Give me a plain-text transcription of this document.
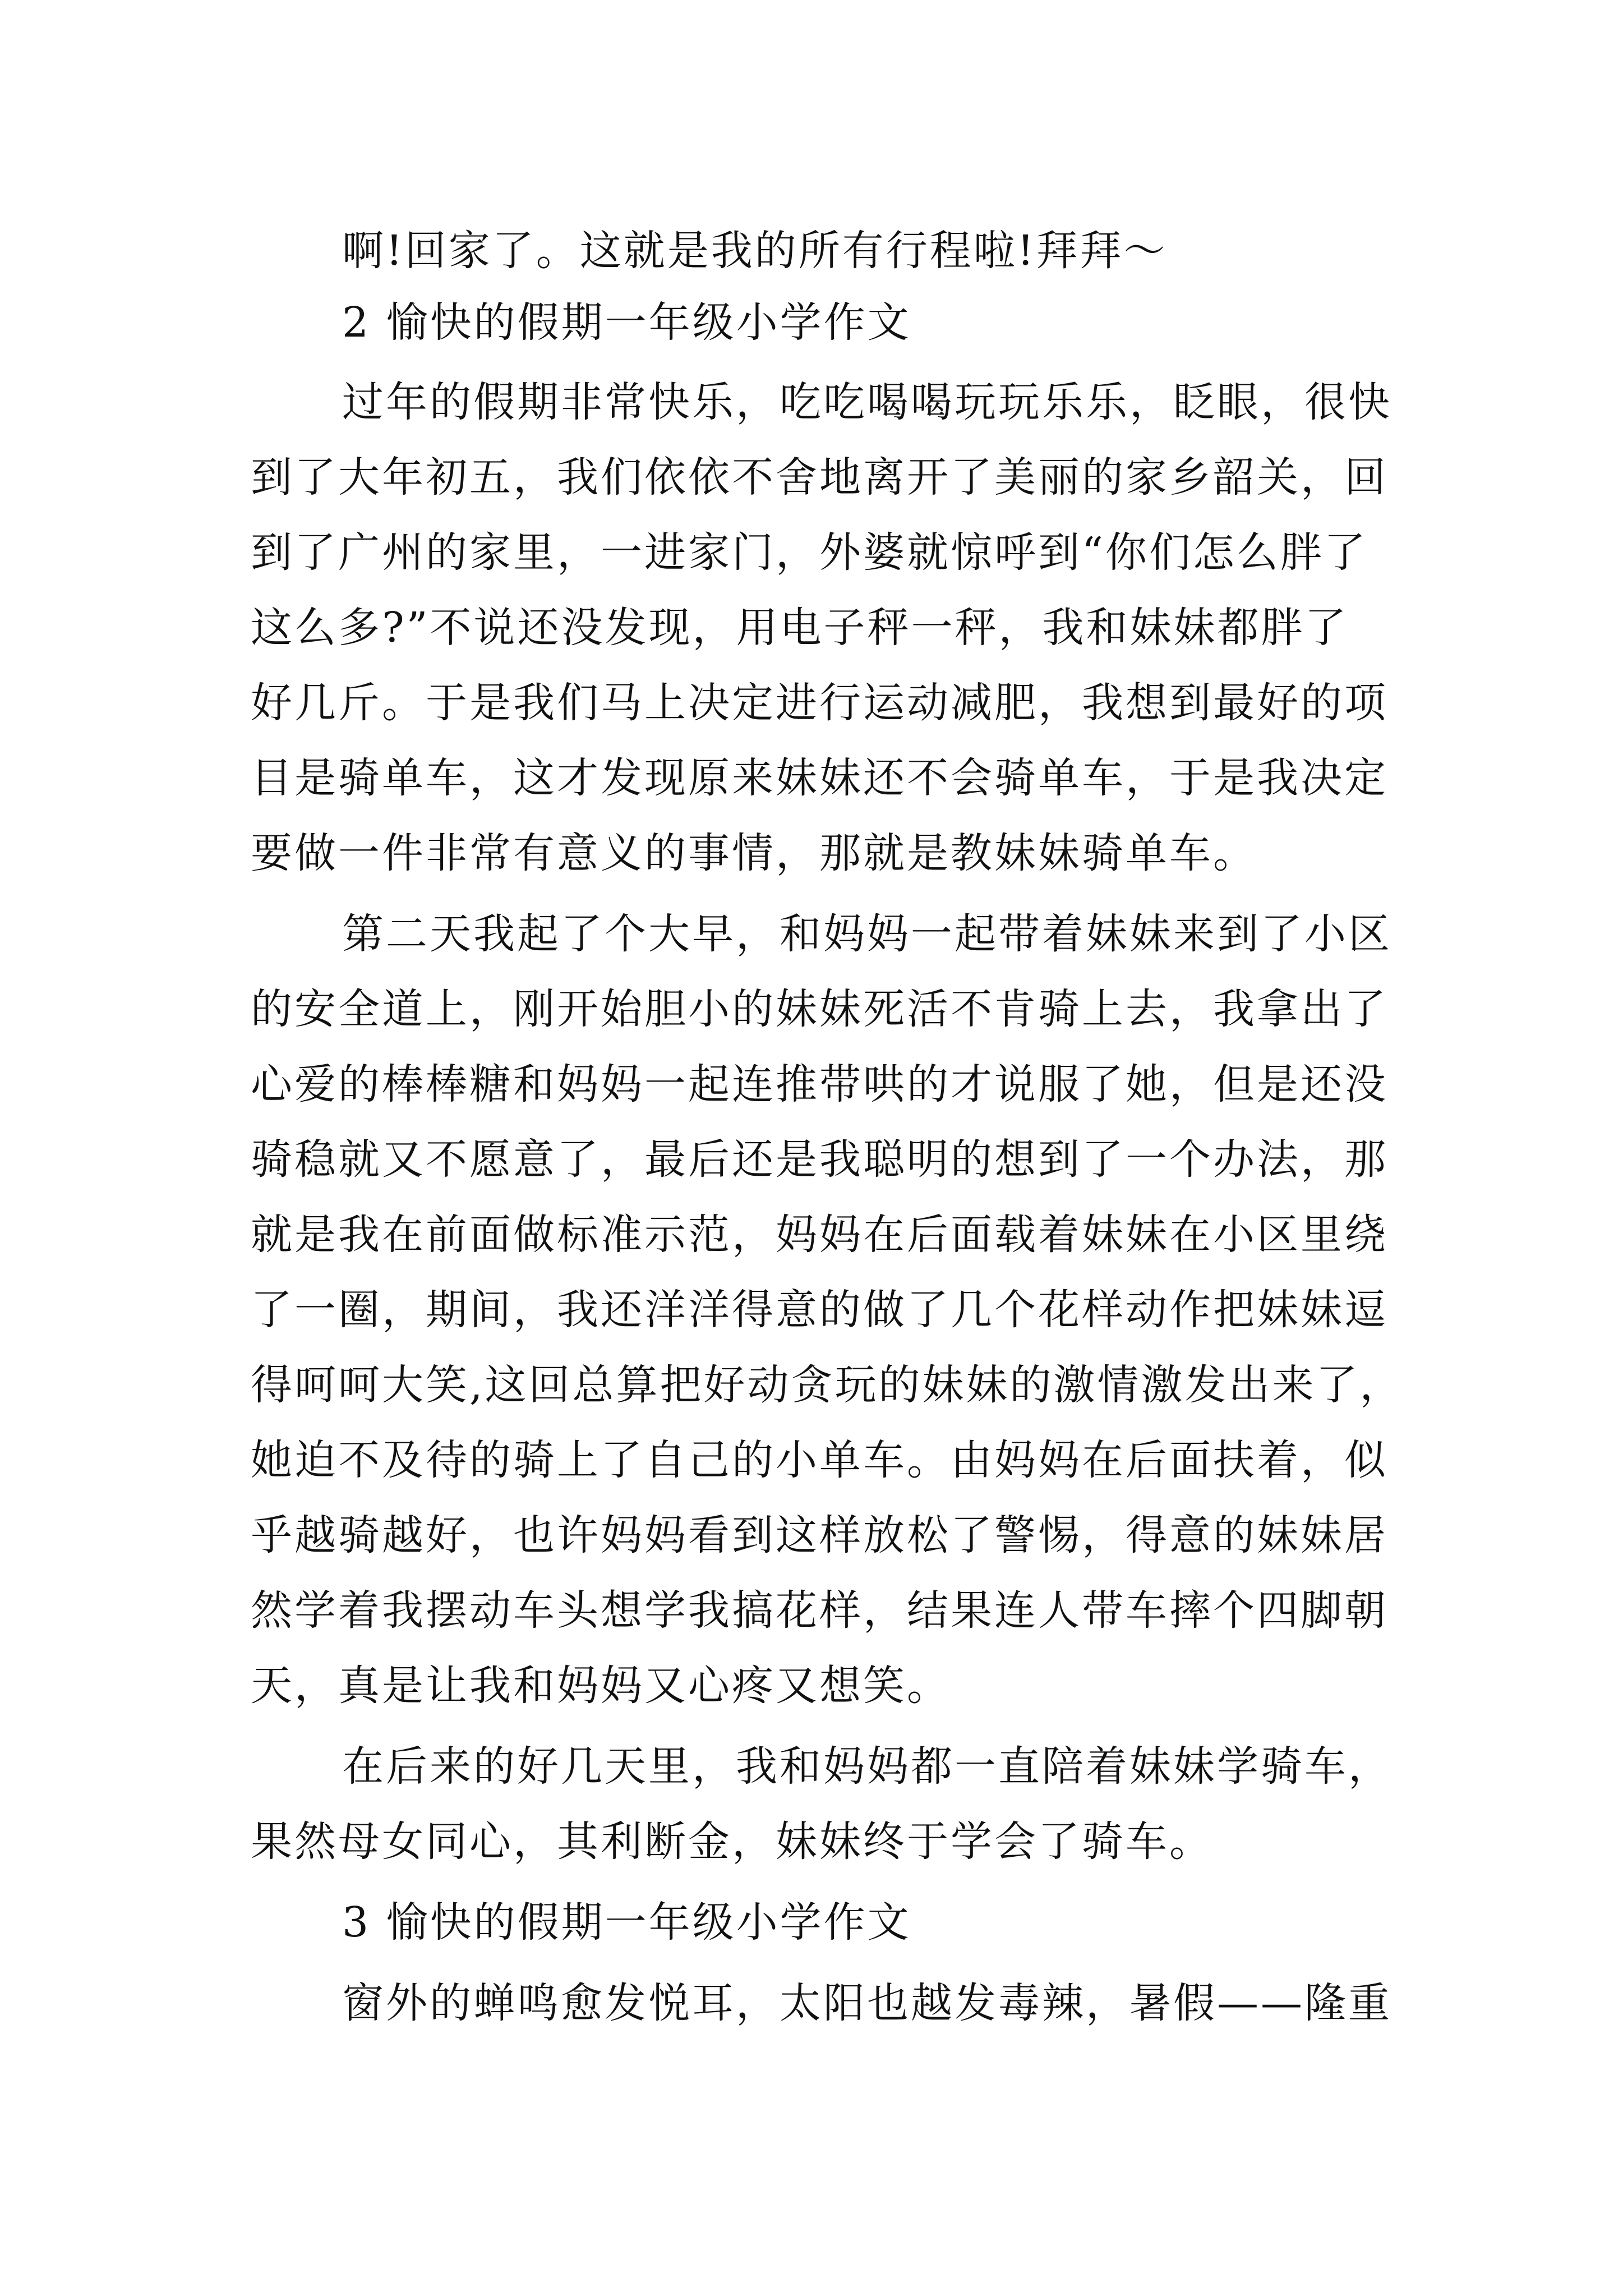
啊!回家了。这就是我的所有行程啦!拜拜～

2 愉快的假期一年级小学作文

过年的假期非常快乐，吃吃喝喝玩玩乐乐，眨眼，很快
到了大年初五，我们依依不舍地离开了美丽的家乡韶关，回
到了广州的家里，一进家门，外婆就惊呼到“你们怎么胖了
这么多?”不说还没发现，用电子秤一秤，我和妹妹都胖了
好几斤。于是我们马上决定进行运动减肥，我想到最好的项
目是骑单车，这才发现原来妹妹还不会骑单车，于是我决定
要做一件非常有意义的事情，那就是教妹妹骑单车。

第二天我起了个大早，和妈妈一起带着妹妹来到了小区
的安全道上，刚开始胆小的妹妹死活不肯骑上去，我拿出了
心爱的棒棒糖和妈妈一起连推带哄的才说服了她，但是还没
骑稳就又不愿意了，最后还是我聪明的想到了一个办法，那
就是我在前面做标准示范，妈妈在后面载着妹妹在小区里绕
了一圈，期间，我还洋洋得意的做了几个花样动作把妹妹逗
得呵呵大笑,这回总算把好动贪玩的妹妹的激情激发出来了，
她迫不及待的骑上了自己的小单车。由妈妈在后面扶着，似
乎越骑越好，也许妈妈看到这样放松了警惕，得意的妹妹居
然学着我摆动车头想学我搞花样，结果连人带车摔个四脚朝
天，真是让我和妈妈又心疼又想笑。

在后来的好几天里，我和妈妈都一直陪着妹妹学骑车，
果然母女同心，其利断金，妹妹终于学会了骑车。

3 愉快的假期一年级小学作文

窗外的蝉鸣愈发悦耳，太阳也越发毒辣，暑假——隆重
